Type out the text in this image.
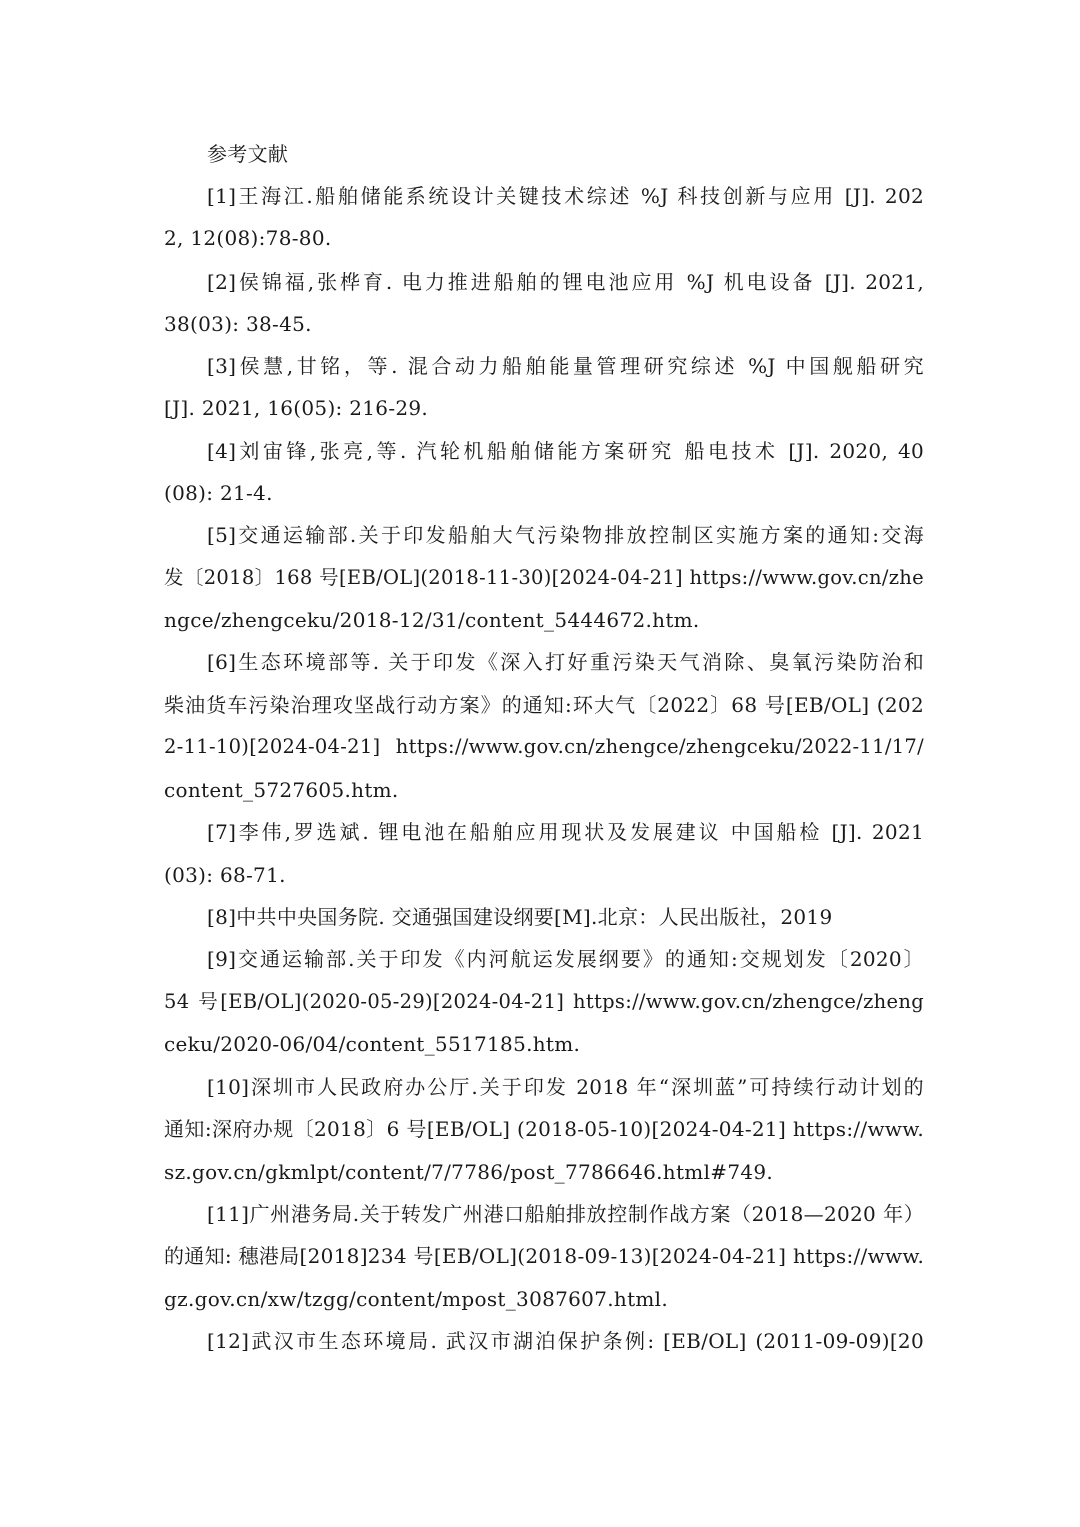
参考文献
[1]王海江.船舶储能系统设计关键技术综述 %J 科技创新与应用 [J]. 202
2, 12(08):78-80.
[2]侯锦福,张桦育. 电力推进船舶的锂电池应用 %J 机电设备 [J]. 2021,
38(03): 38-45.
[3]侯慧,甘铭，等. 混合动力船舶能量管理研究综述 %J 中国舰船研究
[J]. 2021, 16(05): 216-29.
[4]刘宙锋,张亮,等. 汽轮机船舶储能方案研究 船电技术 [J]. 2020, 40
(08): 21-4.
[5]交通运输部.关于印发船舶大气污染物排放控制区实施方案的通知:交海
发〔2018〕168 号[EB/OL](2018-11-30)[2024-04-21] https://www.gov.cn/zhe
ngce/zhengceku/2018-12/31/content_5444672.htm.
[6]生态环境部等. 关于印发《深入打好重污染天气消除、臭氧污染防治和
柴油货车污染治理攻坚战行动方案》的通知:环大气〔2022〕68 号[EB/OL] (202
2-11-10)[2024-04-21] https://www.gov.cn/zhengce/zhengceku/2022-11/17/
content_5727605.htm.
[7]李伟,罗选斌. 锂电池在船舶应用现状及发展建议 中国船检 [J]. 2021
(03): 68-71.
[8]中共中央国务院. 交通强国建设纲要[M].北京：人民出版社，2019
[9]交通运输部.关于印发《内河航运发展纲要》的通知:交规划发〔2020〕
54 号[EB/OL](2020-05-29)[2024-04-21] https://www.gov.cn/zhengce/zheng
ceku/2020-06/04/content_5517185.htm.
[10]深圳市人民政府办公厅.关于印发 2018 年“深圳蓝”可持续行动计划的
通知:深府办规〔2018〕6 号[EB/OL] (2018-05-10)[2024-04-21] https://www.
sz.gov.cn/gkmlpt/content/7/7786/post_7786646.html#749.
[11]广州港务局.关于转发广州港口船舶排放控制作战方案（2018—2020 年）
的通知: 穗港局[2018]234 号[EB/OL](2018-09-13)[2024-04-21] https://www.
gz.gov.cn/xw/tzgg/content/mpost_3087607.html.
[12]武汉市生态环境局. 武汉市湖泊保护条例: [EB/OL] (2011-09-09)[20
